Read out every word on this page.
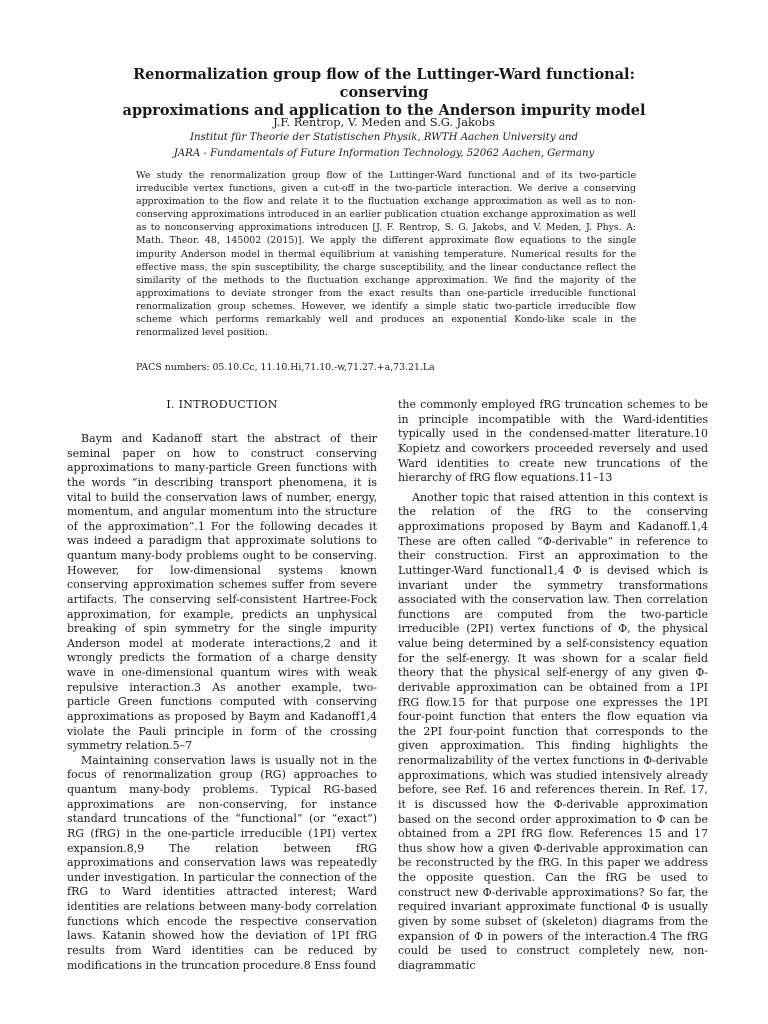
Renormalization group flow of the Luttinger-Ward functional: conserving
approximations and application to the Anderson impurity model
J.F. Rentrop, V. Meden and S.G. Jakobs
Institut für Theorie der Statistischen Physik, RWTH Aachen University and
JARA - Fundamentals of Future Information Technology, 52062 Aachen, Germany
We study the renormalization group flow of the Luttinger-Ward functional and of its two-particle irreducible vertex functions, given a cut-off in the two-particle interaction. We derive a conserving approximation to the flow and relate it to the fluctuation exchange approximation as well as to non-conserving approximations introduced in an earlier publication ctuation exchange approximation as well as to nonconserving approximations introducen [J. F. Rentrop, S. G. Jakobs, and V. Meden, J. Phys. A: Math. Theor. 48, 145002 (2015)]. We apply the different approximate flow equations to the single impurity Anderson model in thermal equilibrium at vanishing temperature. Numerical results for the effective mass, the spin susceptibility, the charge susceptibility, and the linear conductance reflect the similarity of the methods to the fluctuation exchange approximation. We find the majority of the approximations to deviate stronger from the exact results than one-particle irreducible functional renormalization group schemes. However, we identify a simple static two-particle irreducible flow scheme which performs remarkably well and produces an exponential Kondo-like scale in the renormalized level position.
PACS numbers: 05.10.Cc, 11.10.Hi,71.10.-w,71.27.+a,73.21.La

I. INTRODUCTION

Baym and Kadanoff start the abstract of their seminal paper on how to construct conserving approximations to many-particle Green functions with the words “in describing transport phenomena, it is vital to build the conservation laws of number, energy, momentum, and angular momentum into the structure of the approximation”.1 For the following decades it was indeed a paradigm that approximate solutions to quantum many-body problems ought to be conserving. However, for low-dimensional systems known conserving approximation schemes suffer from severe artifacts. The conserving self-consistent Hartree-Fock approximation, for example, predicts an unphysical breaking of spin symmetry for the single impurity Anderson model at moderate interactions,2 and it wrongly predicts the formation of a charge density wave in one-dimensional quantum wires with weak repulsive interaction.3 As another example, two-particle Green functions computed with conserving approximations as proposed by Baym and Kadanoff1,4 violate the Pauli principle in form of the crossing symmetry relation.5–7

Maintaining conservation laws is usually not in the focus of renormalization group (RG) approaches to quantum many-body problems. Typical RG-based approximations are non-conserving, for instance standard truncations of the “functional” (or “exact”) RG (fRG) in the one-particle irreducible (1PI) vertex expansion.8,9 The relation between fRG approximations and conservation laws was repeatedly under investigation. In particular the connection of the fRG to Ward identities attracted interest; Ward identities are relations between many-body correlation functions which encode the respective conservation laws. Katanin showed how the deviation of 1PI fRG results from Ward identities can be reduced by modifications in the truncation procedure.8 Enss found

the commonly employed fRG truncation schemes to be in principle incompatible with the Ward-identities typically used in the condensed-matter literature.10 Kopietz and coworkers proceeded reversely and used Ward identities to create new truncations of the hierarchy of fRG flow equations.11–13

Another topic that raised attention in this context is the relation of the fRG to the conserving approximations proposed by Baym and Kadanoff.1,4 These are often called “Φ-derivable” in reference to their construction. First an approximation to the Luttinger-Ward functional1,4 Φ is devised which is invariant under the symmetry transformations associated with the conservation law. Then correlation functions are computed from the two-particle irreducible (2PI) vertex functions of Φ, the physical value being determined by a self-consistency equation for the self-energy. It was shown for a scalar field theory that the physical self-energy of any given Φ-derivable approximation can be obtained from a 1PI fRG flow.15 for that purpose one expresses the 1PI four-point function that enters the flow equation via the 2PI four-point function that corresponds to the given approximation. This finding highlights the renormalizability of the vertex functions in Φ-derivable approximations, which was studied intensively already before, see Ref. 16 and references therein. In Ref. 17, it is discussed how the Φ-derivable approximation based on the second order approximation to Φ can be obtained from a 2PI fRG flow. References 15 and 17 thus show how a given Φ-derivable approximation can be reconstructed by the fRG. In this paper we address the opposite question. Can the fRG be used to construct new Φ-derivable approximations? So far, the required invariant approximate functional Φ is usually given by some subset of (skeleton) diagrams from the expansion of Φ in powers of the interaction.4 The fRG could be used to construct completely new, non-diagrammatic
